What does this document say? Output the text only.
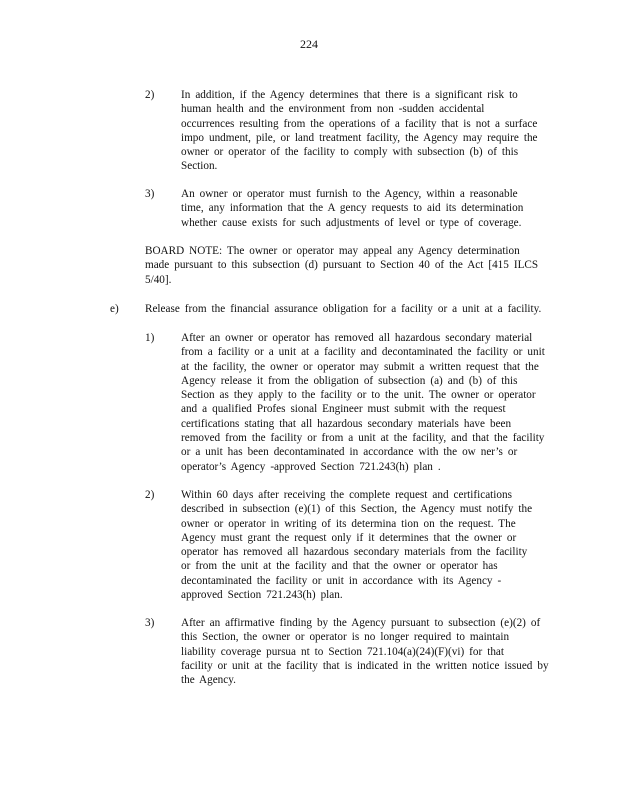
224
2)	In addition, if the Agency determines that there is a significant risk to
human health and the environment from non -sudden accidental
occurrences resulting from the operations of a facility that is not a surface
impo undment, pile, or land treatment facility, the Agency may require the
owner or operator of the facility to comply with subsection (b) of this
Section.
3)	An owner or operator must furnish to the Agency, within a reasonable
time, any information that the A gency requests to aid its determination
whether cause exists for such adjustments of level or type of coverage.
BOARD NOTE: The owner or operator may appeal any Agency determination
made pursuant to this subsection (d) pursuant to Section 40 of the Act [415 ILCS
5/40].
e)	Release from the financial assurance obligation for a facility or a unit at a facility.
1)	After an owner or operator has removed all hazardous secondary material
from a facility or a unit at a facility and decontaminated the facility or unit
at the facility, the owner or operator may submit a written request that the
Agency release it from the obligation of subsection (a) and (b) of this
Section as they apply to the facility or to the unit. The owner or operator
and a qualified Profes sional Engineer must submit with the request
certifications stating that all hazardous secondary materials have been
removed from the facility or from a unit at the facility, and that the facility
or a unit has been decontaminated in accordance with the ow ner’s or
operator’s Agency -approved Section 721.243(h) plan .
2)	Within 60 days after receiving the complete request and certifications
described in subsection (e)(1) of this Section, the Agency must notify the
owner or operator in writing of its determina tion on the request. The
Agency must grant the request only if it determines that the owner or
operator has removed all hazardous secondary materials from the facility
or from the unit at the facility and that the owner or operator has
decontaminated the facility or unit in accordance with its Agency -
approved Section 721.243(h) plan.
3)	After an affirmative finding by the Agency pursuant to subsection (e)(2) of
this Section, the owner or operator is no longer required to maintain
liability coverage pursua nt to Section 721.104(a)(24)(F)(vi) for that
facility or unit at the facility that is indicated in the written notice issued by
the Agency.
